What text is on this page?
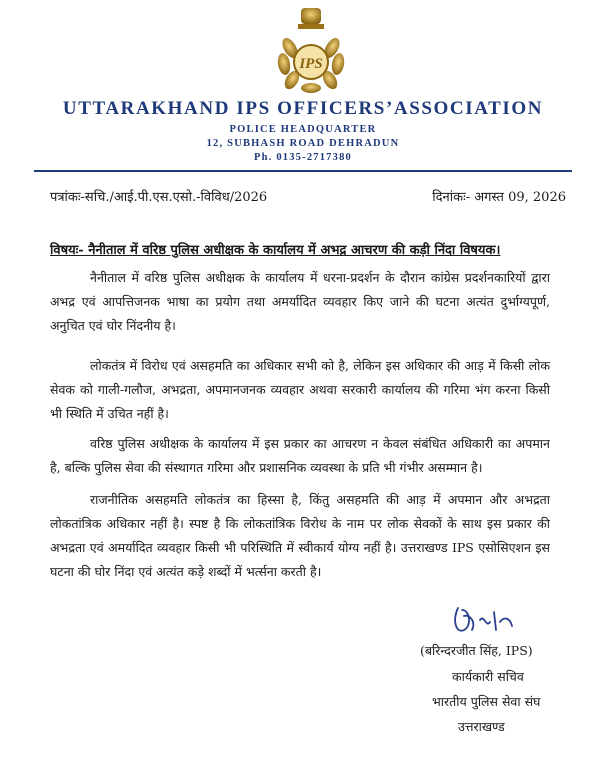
IPS
UTTARAKHAND IPS OFFICERS’ASSOCIATION
POLICE HEADQUARTER
12, SUBHASH ROAD DEHRADUN
Ph. 0135-2717380
पत्रांकः-सचि./आई.पी.एस.एसो.-विविध/2026	दिनांकः- अगस्त 09, 2026
विषयः- नैनीताल में वरिष्ठ पुलिस अधीक्षक के कार्यालय में अभद्र आचरण की कड़ी निंदा विषयक।

नैनीताल में वरिष्ठ पुलिस अधीक्षक के कार्यालय में धरना-प्रदर्शन के दौरान कांग्रेस प्रदर्शनकारियों द्वारा अभद्र एवं आपत्तिजनक भाषा का प्रयोग तथा अमर्यादित व्यवहार किए जाने की घटना अत्यंत दुर्भाग्यपूर्ण, अनुचित एवं घोर निंदनीय है।

लोकतंत्र में विरोध एवं असहमति का अधिकार सभी को है, लेकिन इस अधिकार की आड़ में किसी लोक सेवक को गाली-गलौज, अभद्रता, अपमानजनक व्यवहार अथवा सरकारी कार्यालय की गरिमा भंग करना किसी भी स्थिति में उचित नहीं है।

वरिष्ठ पुलिस अधीक्षक के कार्यालय में इस प्रकार का आचरण न केवल संबंधित अधिकारी का अपमान है, बल्कि पुलिस सेवा की संस्थागत गरिमा और प्रशासनिक व्यवस्था के प्रति भी गंभीर असम्मान है।

राजनीतिक असहमति लोकतंत्र का हिस्सा है, किंतु असहमति की आड़ में अपमान और अभद्रता लोकतांत्रिक अधिकार नहीं है। स्पष्ट है कि लोकतांत्रिक विरोध के नाम पर लोक सेवकों के साथ इस प्रकार की अभद्रता एवं अमर्यादित व्यवहार किसी भी परिस्थिति में स्वीकार्य योग्य नहीं है। उत्तराखण्ड IPS एसोसिएशन इस घटना की घोर निंदा एवं अत्यंत कड़े शब्दों में भर्त्सना करती है।

(बरिन्दरजीत सिंह, IPS)
कार्यकारी सचिव
भारतीय पुलिस सेवा संघ
उत्तराखण्ड
